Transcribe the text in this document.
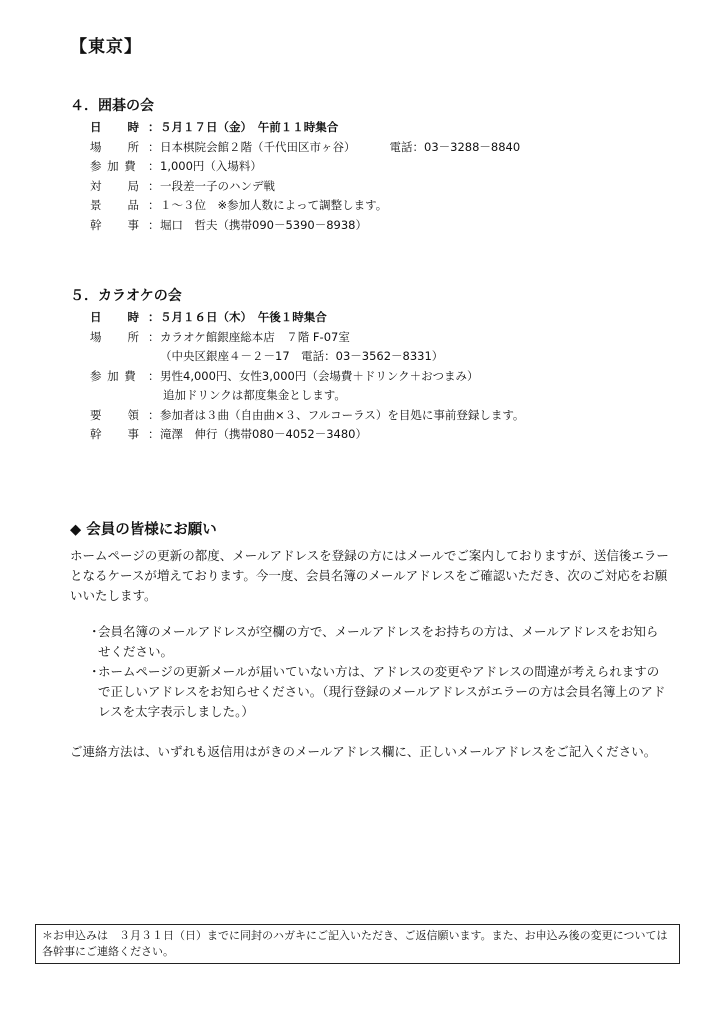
【東京】
４．囲碁の会
日　　時 ： ５月１７日（金）　午前１１時集合
場　　所 ： 日本棋院会館２階（千代田区市ヶ谷）	電話：03－3288－8840
参 加 費 ： 1,000円（入場料）
対　　局 ： 一段差一子のハンデ戦
景　　品 ： １～３位　※参加人数によって調整します。
幹　　事 ： 堀口　哲夫（携帯090－5390－8938）
５．カラオケの会
日　　時 ： ５月１６日（木）　午後１時集合
場　　所 ： カラオケ館銀座総本店　７階 F-07室
（中央区銀座４－２－17　電話：03－3562－8331）
参 加 費 ： 男性4,000円、女性3,000円（会場費＋ドリンク＋おつまみ）
追加ドリンクは都度集金とします。
要　　領 ： 参加者は３曲（自由曲×３、フルコーラス）を目処に事前登録します。
幹　　事 ： 滝澤　伸行（携帯080－4052－3480）
◆ 会員の皆様にお願い
ホームページの更新の都度、メールアドレスを登録の方にはメールでご案内しておりますが、送信後エラーとなるケースが増えております。今一度、会員名簿のメールアドレスをご確認いただき、次のご対応をお願いいたします。
・
会員名簿のメールアドレスが空欄の方で、メールアドレスをお持ちの方は、メールアドレスをお知らせください。
・
ホームページの更新メールが届いていない方は、アドレスの変更やアドレスの間違が考えられますので正しいアドレスをお知らせください。（現行登録のメールアドレスがエラーの方は会員名簿上のアドレスを太字表示しました。）
ご連絡方法は、いずれも返信用はがきのメールアドレス欄に、正しいメールアドレスをご記入ください。
＊お申込みは　３月３１日（日）までに同封のハガキにご記入いただき、ご返信願います。また、お申込み後の変更については各幹事にご連絡ください。
